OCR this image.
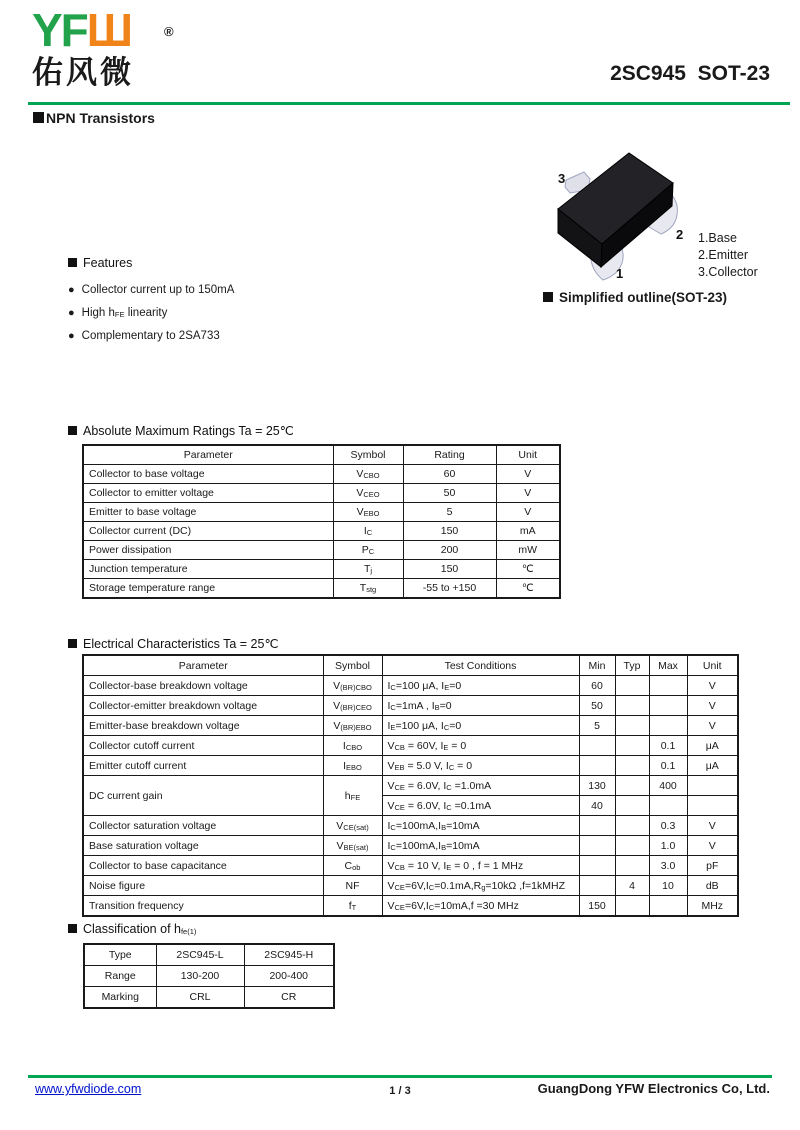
YFШ	®
佑风微	2SC945  SOT-23
NPN Transistors
3
2
1
1.Base
2.Emitter
3.Collector
Simplified outline(SOT-23)
Features
● Collector current up to 150mA
● High $h_{FE}$ linearity
● Complementary to 2SA733
Absolute Maximum Ratings Ta = 25℃
Parameter	Symbol	Rating	Unit
Collector to base voltage	$V_{CBO}$	60	V
Collector to emitter voltage	$V_{CEO}$	50	V
Emitter to base voltage	$V_{EBO}$	5	V
Collector current (DC)	$I_C$	150	mA
Power dissipation	$P_C$	200	mW
Junction temperature	$T_j$	150	℃
Storage temperature range	$T_{stg}$	-55 to +150	℃
Electrical Characteristics Ta = 25℃
Parameter	Symbol	Test Conditions	Min	Typ	Max	Unit
Collector-base breakdown voltage	$V_{(BR)CBO}$	$I_C=100$ μA, $I_E=0$	60			V
Collector-emitter breakdown voltage	$V_{(BR)CEO}$	$I_C=1mA$ , $I_B=0$	50			V
Emitter-base breakdown voltage	$V_{(BR)EBO}$	$I_E=100$ μA, $I_C=0$	5			V
Collector cutoff current	$I_{CBO}$	$V_{CB} = 60V$, $I_E = 0$			0.1	μA
Emitter cutoff current	$I_{EBO}$	$V_{EB} = 5.0$ V, $I_C = 0$			0.1	μA
DC current gain	$h_{FE}$	$V_{CE} = 6.0V$, $I_C =1.0mA$	130		400	
		$V_{CE} = 6.0V$, $I_C =0.1mA$	40			
Collector saturation voltage	$V_{CE(sat)}$	$I_C=100mA,I_B=10mA$			0.3	V
Base saturation voltage	$V_{BE(sat)}$	$I_C=100mA,I_B=10mA$			1.0	V
Collector to base capacitance	$C_{ob}$	$V_{CB} = 10$ V, $I_E = 0$ , f = 1 MHz			3.0	pF
Noise figure	NF	$V_{CE}=6V,I_C=0.1mA,R_g=10k\Omega$ ,f=1kMHZ		4	10	dB
Transition frequency	$f_T$	$V_{CE}=6V,I_C=10mA,f =30$ MHz	150			MHz
Classification of $h_{fe(1)}$
Type	2SC945-L	2SC945-H
Range	130-200	200-400
Marking	CRL	CR
www.yfwdiode.com	1 / 3	GuangDong YFW Electronics Co, Ltd.
